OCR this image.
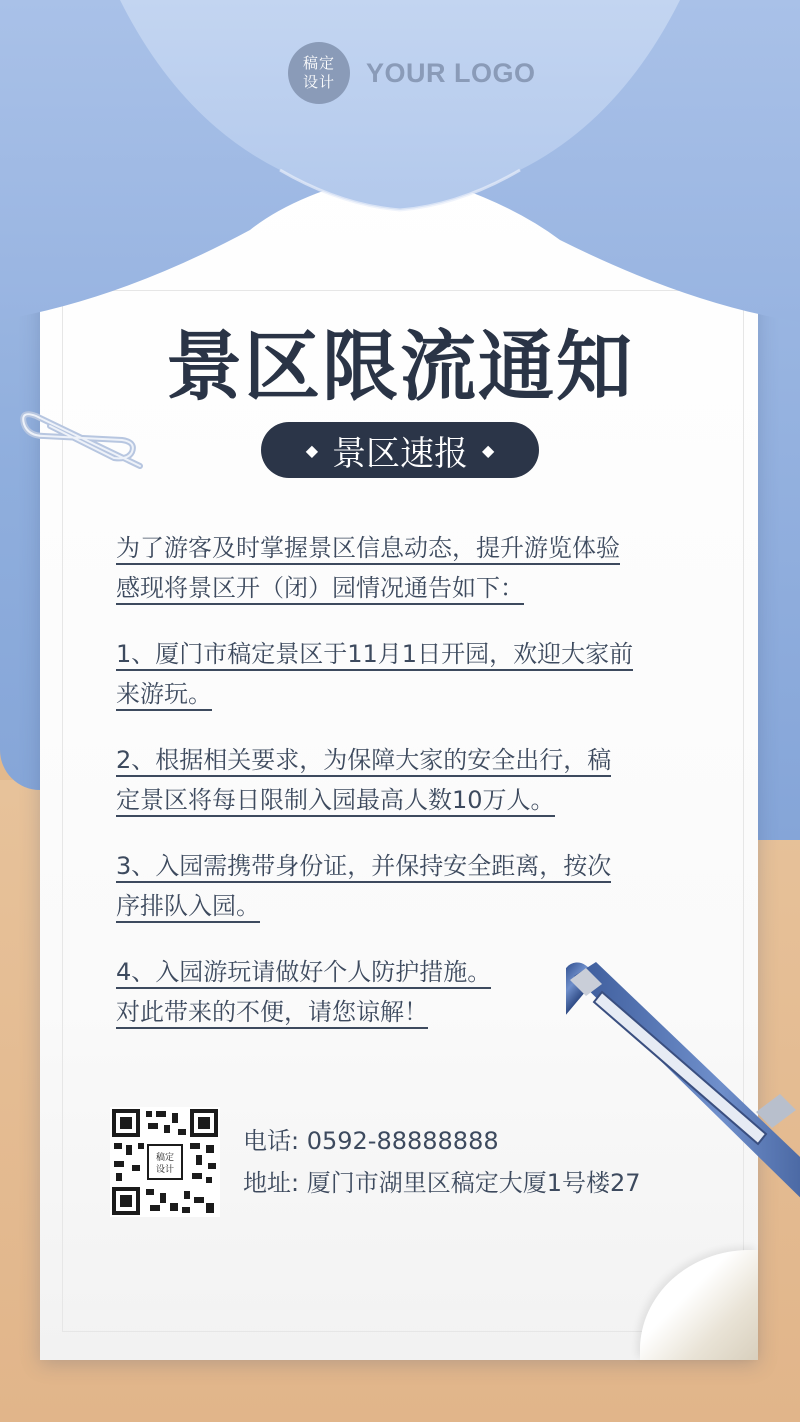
稿定
设计 YOUR LOGO
景区限流通知
◆ 景区速报 ◆
为了游客及时掌握景区信息动态，提升游览体验
感现将景区开（闭）园情况通告如下：
1、厦门市稿定景区于11月1日开园，欢迎大家前
来游玩。
2、根据相关要求，为保障大家的安全出行，稿
定景区将每日限制入园最高人数10万人。
3、入园需携带身份证，并保持安全距离，按次
序排队入园。
4、入园游玩请做好个人防护措施。
对此带来的不便，请您谅解！
稿定
设计
电话: 0592-88888888
地址: 厦门市湖里区稿定大厦1号楼27
